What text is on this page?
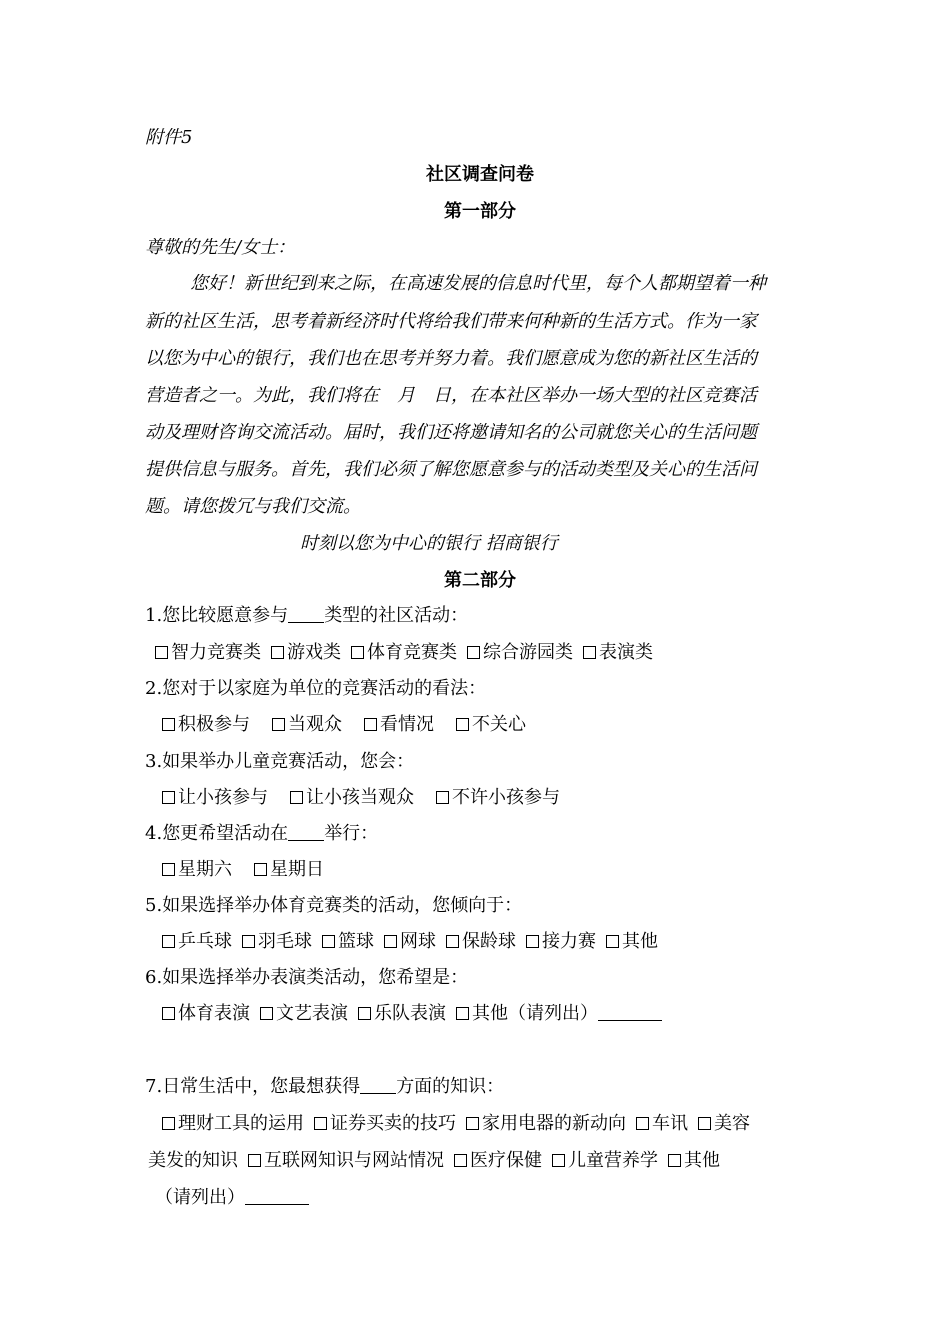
附件5
社区调查问卷
第一部分
尊敬的先生/女士：
您好！新世纪到来之际，在高速发展的信息时代里，每个人都期望着一种
新的社区生活，思考着新经济时代将给我们带来何种新的生活方式。作为一家
以您为中心的银行，我们也在思考并努力着。我们愿意成为您的新社区生活的
营造者之一。为此，我们将在　月　日，在本社区举办一场大型的社区竞赛活
动及理财咨询交流活动。届时，我们还将邀请知名的公司就您关心的生活问题
提供信息与服务。首先，我们必须了解您愿意参与的活动类型及关心的生活问
题。请您拨冗与我们交流。
时刻以您为中心的银行 招商银行
第二部分
1.您比较愿意参与 类型的社区活动：
智力竞赛类 游戏类 体育竞赛类 综合游园类 表演类
2.您对于以家庭为单位的竞赛活动的看法：
积极参与 当观众 看情况 不关心
3.如果举办儿童竞赛活动，您会：
让小孩参与 让小孩当观众 不许小孩参与
4.您更希望活动在 举行：
星期六 星期日
5.如果选择举办体育竞赛类的活动，您倾向于：
乒乓球 羽毛球 篮球 网球 保龄球 接力赛 其他
6.如果选择举办表演类活动，您希望是：
体育表演 文艺表演 乐队表演 其他（请列出）
7.日常生活中，您最想获得 方面的知识：
理财工具的运用 证券买卖的技巧 家用电器的新动向 车讯 美容
美发的知识 互联网知识与网站情况 医疗保健 儿童营养学 其他
（请列出）
